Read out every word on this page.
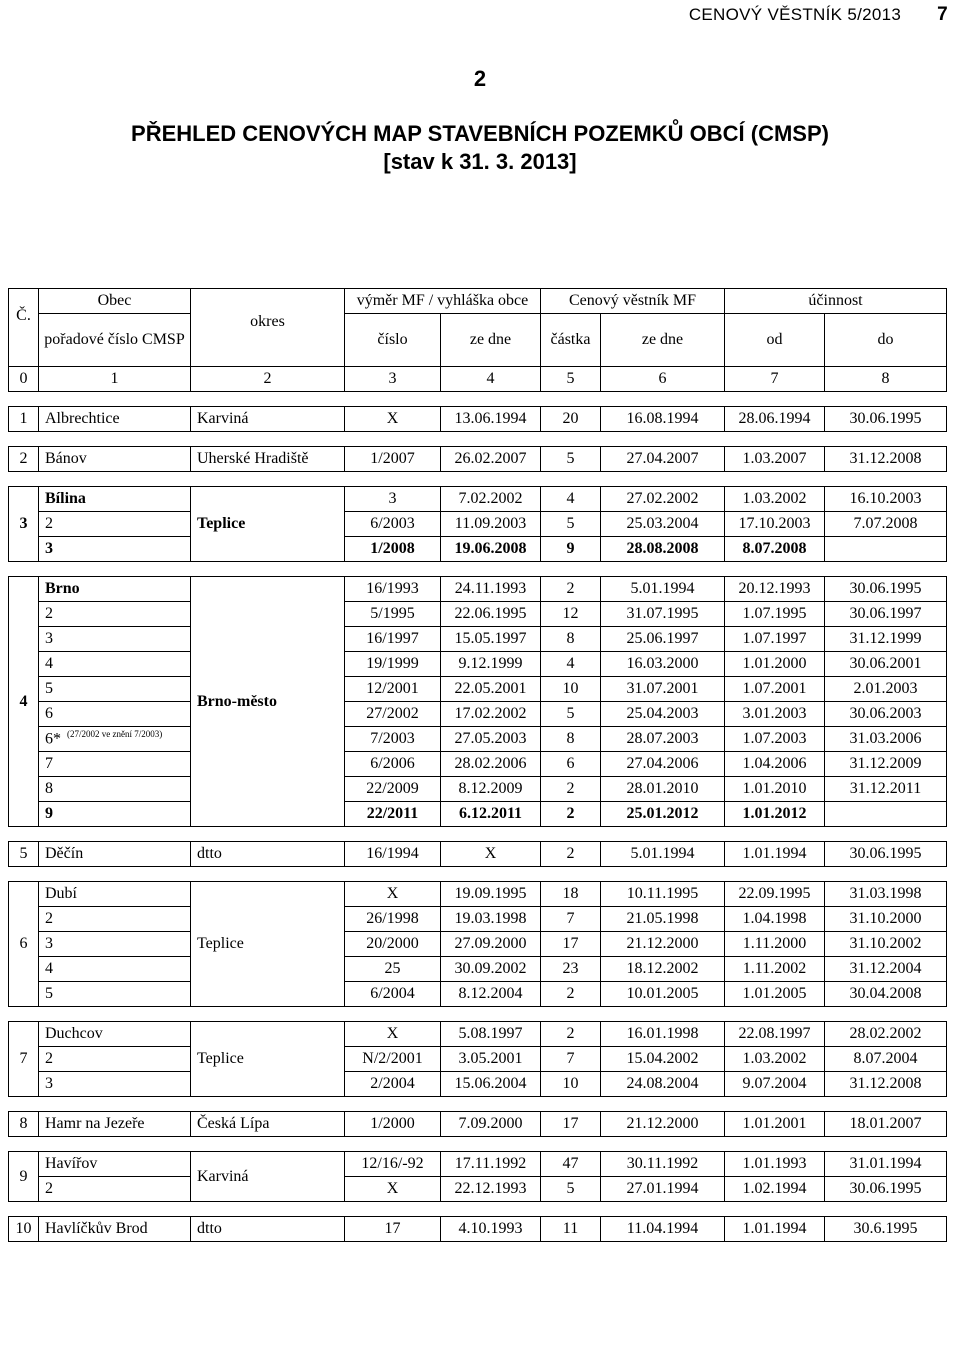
CENOVÝ VĚSTNÍK 5/2013 7
2
PŘEHLED CENOVÝCH MAP STAVEBNÍCH POZEMKŮ OBCÍ (CMSP)
[stav k 31. 3. 2013]
Č.	Obec	okres	výměr MF / vyhláška obce		Cenový věstník MF		účinnost	
	pořadové číslo CMSP		číslo	ze dne	částka	ze dne	od	do
0	1	2	3	4	5	6	7	8

1	Albrechtice	Karviná	X	13.06.1994	20	16.08.1994	28.06.1994	30.06.1995

2	Bánov	Uherské Hradiště	1/2007	26.02.2007	5	27.04.2007	1.03.2007	31.12.2008

3	Bílina	Teplice	3	7.02.2002	4	27.02.2002	1.03.2002	16.10.2003
	2		6/2003	11.09.2003	5	25.03.2004	17.10.2003	7.07.2008
	3		1/2008	19.06.2008	9	28.08.2008	8.07.2008	

4	Brno	Brno-město	16/1993	24.11.1993	2	5.01.1994	20.12.1993	30.06.1995
	2		5/1995	22.06.1995	12	31.07.1995	1.07.1995	30.06.1997
	3		16/1997	15.05.1997	8	25.06.1997	1.07.1997	31.12.1999
	4		19/1999	9.12.1999	4	16.03.2000	1.01.2000	30.06.2001
	5		12/2001	22.05.2001	10	31.07.2001	1.07.2001	2.01.2003
	6		27/2002	17.02.2002	5	25.04.2003	3.01.2003	30.06.2003
	6* $^{(27/2002 ve znění 7/2003)}$		7/2003	27.05.2003	8	28.07.2003	1.07.2003	31.03.2006
	7		6/2006	28.02.2006	6	27.04.2006	1.04.2006	31.12.2009
	8		22/2009	8.12.2009	2	28.01.2010	1.01.2010	31.12.2011
	9		22/2011	6.12.2011	2	25.01.2012	1.01.2012	

5	Děčín	dtto	16/1994	X	2	5.01.1994	1.01.1994	30.06.1995

6	Dubí	Teplice	X	19.09.1995	18	10.11.1995	22.09.1995	31.03.1998
	2		26/1998	19.03.1998	7	21.05.1998	1.04.1998	31.10.2000
	3		20/2000	27.09.2000	17	21.12.2000	1.11.2000	31.10.2002
	4		25	30.09.2002	23	18.12.2002	1.11.2002	31.12.2004
	5		6/2004	8.12.2004	2	10.01.2005	1.01.2005	30.04.2008

7	Duchcov	Teplice	X	5.08.1997	2	16.01.1998	22.08.1997	28.02.2002
	2		N/2/2001	3.05.2001	7	15.04.2002	1.03.2002	8.07.2004
	3		2/2004	15.06.2004	10	24.08.2004	9.07.2004	31.12.2008

8	Hamr na Jezeře	Česká Lípa	1/2000	7.09.2000	17	21.12.2000	1.01.2001	18.01.2007

9	Havířov	Karviná	12/16/-92	17.11.1992	47	30.11.1992	1.01.1993	31.01.1994
	2		X	22.12.1993	5	27.01.1994	1.02.1994	30.06.1995

10	Havlíčkův Brod	dtto	17	4.10.1993	11	11.04.1994	1.01.1994	30.6.1995
